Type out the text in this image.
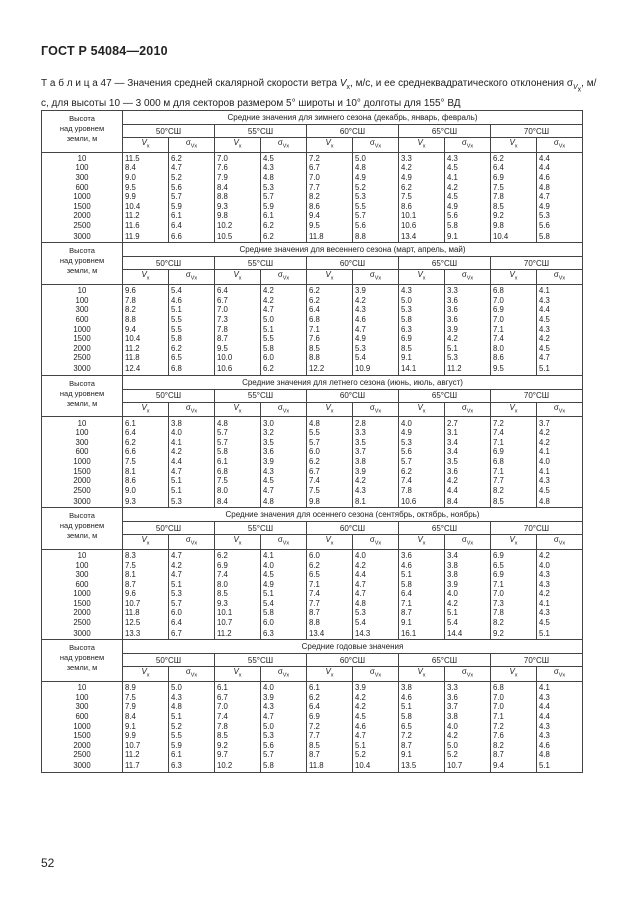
ГОСТ Р 54084—2010
Т а б л и ц а 47 — Значения средней скалярной скорости ветра $V_x$, м/с, и ее среднеквадратического отклонения $\sigma_{V_x}$, м/с, для высоты 10 — 3 000 м для секторов размером 5° широты и 10° долготы для 155° ВД
Высота
над уровнем
земли, м	Средние значения для зимнего сезона (декабрь, январь, февраль)									
	50°СШ		55°СШ		60°СШ		65°СШ		70°СШ	
	$V_x$	$\sigma_{Vx}$	$V_x$	$\sigma_{Vx}$	$V_x$	$\sigma_{Vx}$	$V_x$	$\sigma_{Vx}$	$V_x$	$\sigma_{Vx}$
10	11.5	6.2	7.0	4.5	7.2	5.0	3.3	4.3	6.2	4.4
100	8.4	4.7	7.6	4.3	6.7	4.8	4.2	4.5	6.4	4.4
300	9.0	5.2	7.9	4.8	7.0	4.9	4.9	4.1	6.9	4.6
600	9.5	5.6	8.4	5.3	7.7	5.2	6.2	4.2	7.5	4.8
1000	9.9	5.7	8.8	5.7	8.2	5.3	7.5	4.5	7.8	4.7
1500	10.4	5.9	9.3	5.9	8.6	5.5	8.6	4.9	8.5	4.9
2000	11.2	6.1	9.8	6.1	9.4	5.7	10.1	5.6	9.2	5.3
2500	11.6	6.4	10.2	6.2	9.5	5.6	10.6	5.8	9.8	5.6
3000	11.9	6.6	10.5	6.2	11.8	8.8	13.4	9.1	10.4	5.8

Высота
над уровнем
земли, м	Средние значения для весеннего сезона (март, апрель, май)									
	50°СШ		55°СШ		60°СШ		65°СШ		70°СШ	
	$V_x$	$\sigma_{Vx}$	$V_x$	$\sigma_{Vx}$	$V_x$	$\sigma_{Vx}$	$V_x$	$\sigma_{Vx}$	$V_x$	$\sigma_{Vx}$
10	9.6	5.4	6.4	4.2	6.2	3.9	4.3	3.3	6.8	4.1
100	7.8	4.6	6.7	4.2	6.2	4.2	5.0	3.6	7.0	4.3
300	8.2	5.1	7.0	4.7	6.4	4.3	5.3	3.6	6.9	4.4
600	8.8	5.5	7.3	5.0	6.8	4.6	5.8	3.6	7.0	4.5
1000	9.4	5.5	7.8	5.1	7.1	4.7	6.3	3.9	7.1	4.3
1500	10.4	5.8	8.7	5.5	7.6	4.9	6.9	4.2	7.4	4.2
2000	11.2	6.2	9.5	5.8	8.5	5.3	8.5	5.1	8.0	4.5
2500	11.8	6.5	10.0	6.0	8.8	5.4	9.1	5.3	8.6	4.7
3000	12.4	6.8	10.6	6.2	12.2	10.9	14.1	11.2	9.5	5.1

Высота
над уровнем
земли, м	Средние значения для летнего сезона (июнь, июль, август)									
	50°СШ		55°СШ		60°СШ		65°СШ		70°СШ	
	$V_x$	$\sigma_{Vx}$	$V_x$	$\sigma_{Vx}$	$V_x$	$\sigma_{Vx}$	$V_x$	$\sigma_{Vx}$	$V_x$	$\sigma_{Vx}$
10	6.1	3.8	4.8	3.0	4.8	2.8	4.0	2.7	7.2	3.7
100	6.4	4.0	5.7	3.2	5.5	3.3	4.9	3.1	7.4	4.2
300	6.2	4.1	5.7	3.5	5.7	3.5	5.3	3.4	7.1	4.2
600	6.6	4.2	5.8	3.6	6.0	3.7	5.6	3.4	6.9	4.1
1000	7.5	4.4	6.1	3.9	6.2	3.8	5.7	3.5	6.8	4.0
1500	8.1	4.7	6.8	4.3	6.7	3.9	6.2	3.6	7.1	4.1
2000	8.6	5.1	7.5	4.5	7.4	4.2	7.4	4.2	7.7	4.3
2500	9.0	5.1	8.0	4.7	7.5	4.3	7.8	4.4	8.2	4.5
3000	9.3	5.3	8.4	4.8	9.8	8.1	10.6	8.4	8.5	4.8

Высота
над уровнем
земли, м	Средние значения для осеннего сезона (сентябрь, октябрь, ноябрь)									
	50°СШ		55°СШ		60°СШ		65°СШ		70°СШ	
	$V_x$	$\sigma_{Vx}$	$V_x$	$\sigma_{Vx}$	$V_x$	$\sigma_{Vx}$	$V_x$	$\sigma_{Vx}$	$V_x$	$\sigma_{Vx}$
10	8.3	4.7	6.2	4.1	6.0	4.0	3.6	3.4	6.9	4.2
100	7.5	4.2	6.9	4.0	6.2	4.2	4.6	3.8	6.5	4.0
300	8.1	4.7	7.4	4.5	6.5	4.4	5.1	3.8	6.9	4.3
600	8.7	5.1	8.0	4.9	7.1	4.7	5.8	3.9	7.1	4.3
1000	9.6	5.3	8.5	5.1	7.4	4.7	6.4	4.0	7.0	4.2
1500	10.7	5.7	9.3	5.4	7.7	4.8	7.1	4.2	7.3	4.1
2000	11.8	6.0	10.1	5.8	8.7	5.3	8.7	5.1	7.8	4.3
2500	12.5	6.4	10.7	6.0	8.8	5.4	9.1	5.4	8.2	4.5
3000	13.3	6.7	11.2	6.3	13.4	14.3	16.1	14.4	9.2	5.1

Высота
над уровнем
земли, м	Средние годовые значения									
	50°СШ		55°СШ		60°СШ		65°СШ		70°СШ	
	$V_x$	$\sigma_{Vx}$	$V_x$	$\sigma_{Vx}$	$V_x$	$\sigma_{Vx}$	$V_x$	$\sigma_{Vx}$	$V_x$	$\sigma_{Vx}$
10	8.9	5.0	6.1	4.0	6.1	3.9	3.8	3.3	6.8	4.1
100	7.5	4.3	6.7	3.9	6.2	4.2	4.6	3.6	7.0	4.3
300	7.9	4.8	7.0	4.3	6.4	4.2	5.1	3.7	7.0	4.4
600	8.4	5.1	7.4	4.7	6.9	4.5	5.8	3.8	7.1	4.4
1000	9.1	5.2	7.8	5.0	7.2	4.6	6.5	4.0	7.2	4.3
1500	9.9	5.5	8.5	5.3	7.7	4.7	7.2	4.2	7.6	4.3
2000	10.7	5.9	9.2	5.6	8.5	5.1	8.7	5.0	8.2	4.6
2500	11.2	6.1	9.7	5.7	8.7	5.2	9.1	5.2	8.7	4.8
3000	11.7	6.3	10.2	5.8	11.8	10.4	13.5	10.7	9.4	5.1
52
